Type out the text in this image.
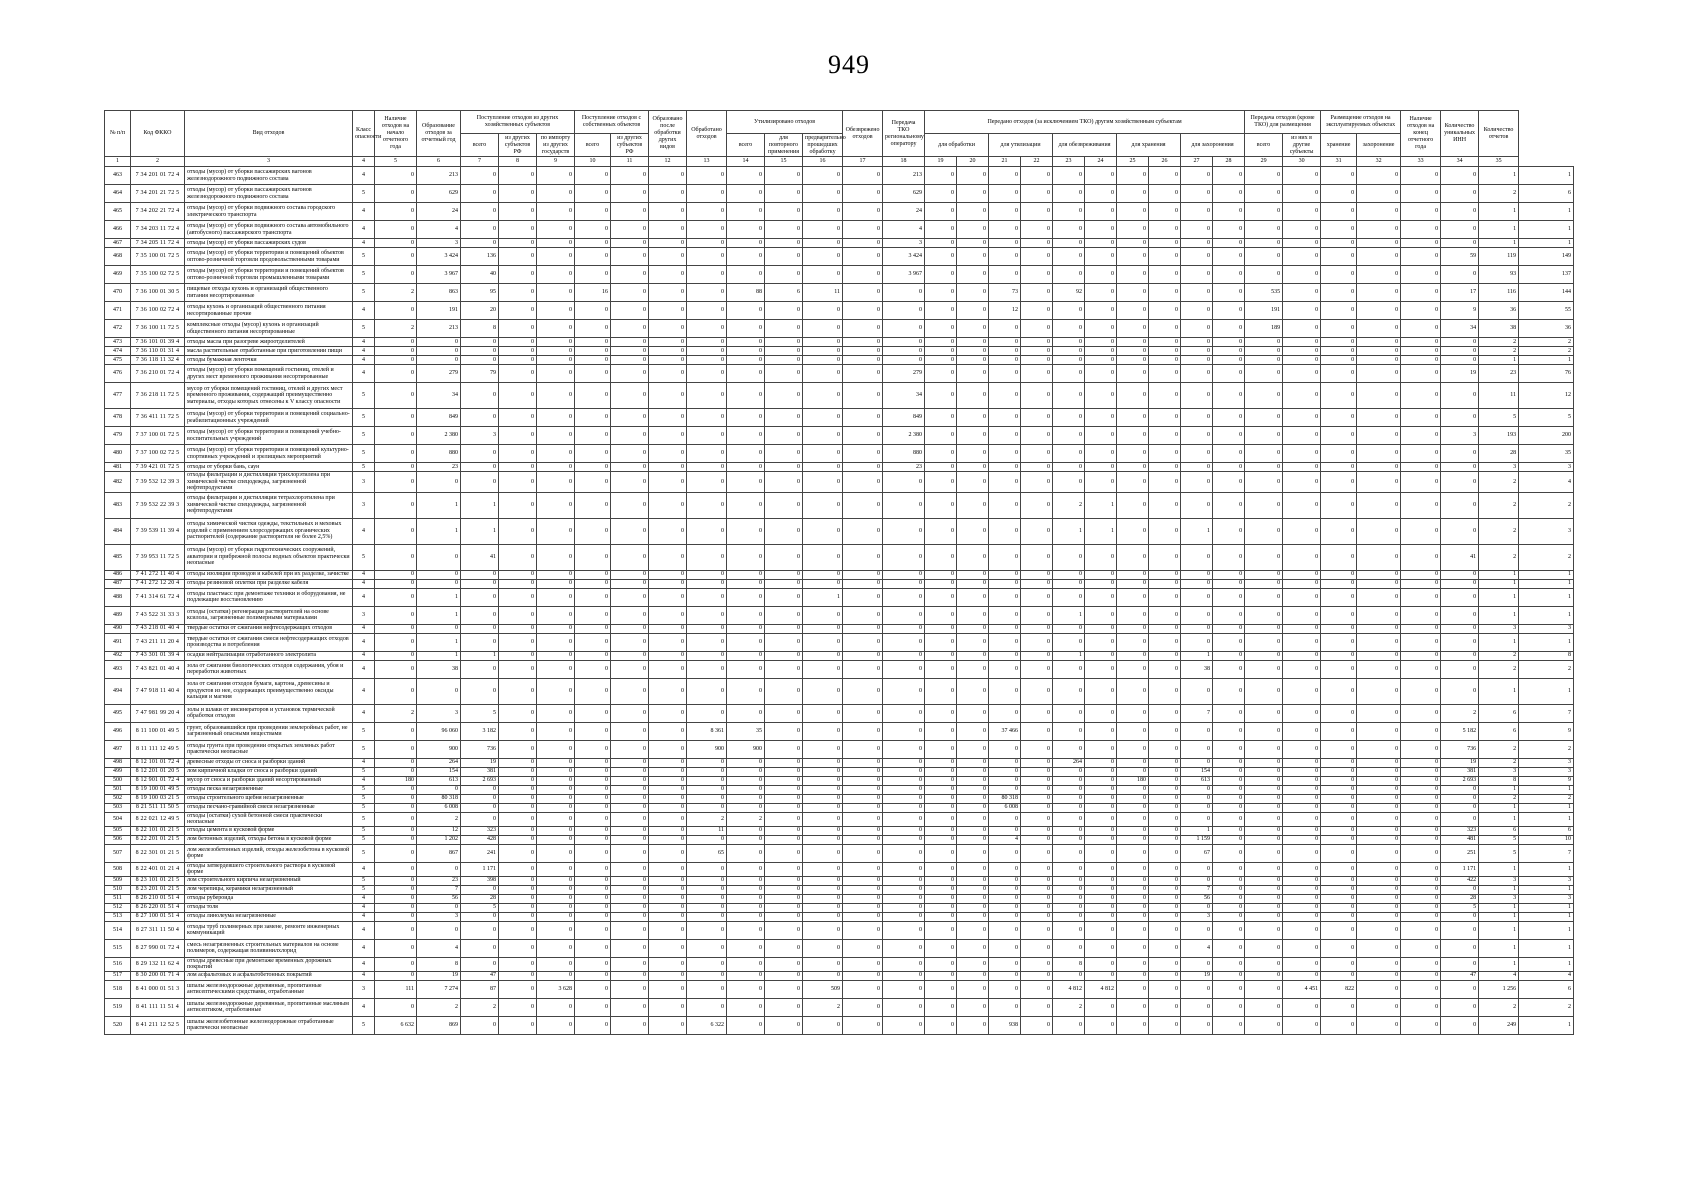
949
№ п/п	Код ФККО	Вид отходов	Класс опасности	Наличие отходов на начало отчетного года	Образование отходов за отчетный год	Поступление отходов из других хозяйственных субъектов			Поступление отходов с собственных объектов		Образовано после обработки других видов	Обработано отходов	Утилизировано отходов			Обезврежено отходов	Передача ТКО региональному оператору	Передано отходов (за исключением ТКО) другим хозяйственным субъектам										Передача отходов (кроме ТКО) для размещения		Размещение отходов на эксплуатируемых объектах		Наличие отходов на конец отчетного года	Количество уникальных ИНН	Количество отчетов	
						всего	из других субъектов РФ	по импорту из других государств	всего	из других субъектов РФ			всего	для повторного применения	предварительно прошедших обработку			для обработки		для утилизации		для обезвреживания		для хранения		для захоронения		всего	из них в другие субъекты	хранение	захоронение				
1	2	3	4	5	6	7	8	9	10	11	12	13	14	15	16	17	18	19	20	21	22	23	24	25	26	27	28	29	30	31	32	33	34	35	
463	7 34 201 01 72 4	отходы (мусор) от уборки пассажирских вагонов железнодорожного подвижного состава	4	0	213	0	0	0	0	0	0	0	0	0	0	0	213	0	0	0	0	0	0	0	0	0	0	0	0	0	0	0	0	1	1
464	7 34 201 21 72 5	отходы (мусор) от уборки пассажирских вагонов железнодорожного подвижного состава	5	0	629	0	0	0	0	0	0	0	0	0	0	0	629	0	0	0	0	0	0	0	0	0	0	0	0	0	0	0	0	2	6
465	7 34 202 21 72 4	отходы (мусор) от уборки подвижного состава городского электрического транспорта	4	0	24	0	0	0	0	0	0	0	0	0	0	0	24	0	0	0	0	0	0	0	0	0	0	0	0	0	0	0	0	1	1
466	7 34 203 11 72 4	отходы (мусор) от уборки подвижного состава автомобильного (автобусного) пассажирского транспорта	4	0	4	0	0	0	0	0	0	0	0	0	0	0	4	0	0	0	0	0	0	0	0	0	0	0	0	0	0	0	0	1	1
467	7 34 205 11 72 4	отходы (мусор) от уборки пассажирских судов	4	0	3	0	0	0	0	0	0	0	0	0	0	0	3	0	0	0	0	0	0	0	0	0	0	0	0	0	0	0	0	1	1
468	7 35 100 01 72 5	отходы (мусор) от уборки территории и помещений объектов оптово-розничной торговли продовольственными товарами	5	0	3 424	136	0	0	0	0	0	0	0	0	0	0	3 424	0	0	0	0	0	0	0	0	0	0	0	0	0	0	0	59	119	149
469	7 35 100 02 72 5	отходы (мусор) от уборки территории и помещений объектов оптово-розничной торговли промышленными товарами	5	0	3 967	40	0	0	0	0	0	0	0	0	0	0	3 967	0	0	0	0	0	0	0	0	0	0	0	0	0	0	0	0	93	137
470	7 36 100 01 30 5	пищевые отходы кухонь и организаций общественного питания несортированные	5	2	863	95	0	0	16	0	0	0	88	6	11	0	0	0	0	73	0	92	0	0	0	0	0	535	0	0	0	0	17	116	144
471	7 36 100 02 72 4	отходы кухонь и организаций общественного питания несортированные прочие	4	0	191	20	0	0	0	0	0	0	0	0	0	0	0	0	0	12	0	0	0	0	0	0	0	191	0	0	0	0	9	36	55
472	7 36 100 11 72 5	комплексные отходы (мусор) кухонь и организаций общественного питания несортированные	5	2	213	8	0	0	0	0	0	0	0	0	0	0	0	0	0	0	0	0	0	0	0	0	0	189	0	0	0	0	34	38	36
473	7 36 101 01 39 4	отходы масла при разогреве жироотделителей	4	0	0	0	0	0	0	0	0	0	0	0	0	0	0	0	0	0	0	0	0	0	0	0	0	0	0	0	0	0	0	2	2
474	7 36 110 01 31 4	масла растительные отработанные при приготовлении пищи	4	0	0	0	0	0	0	0	0	0	0	0	0	0	0	0	0	0	0	0	0	0	0	0	0	0	0	0	0	0	0	2	2
475	7 36 118 11 32 4	отходы бумажная ленточки	4	0	0	0	0	0	0	0	0	0	0	0	0	0	0	0	0	0	0	0	0	0	0	0	0	0	0	0	0	0	0	1	1
476	7 36 210 01 72 4	отходы (мусор) от уборки помещений гостиниц, отелей и других мест временного проживания несортированные	4	0	279	79	0	0	0	0	0	0	0	0	0	0	279	0	0	0	0	0	0	0	0	0	0	0	0	0	0	0	19	23	76
477	7 36 218 11 72 5	мусор от уборки помещений гостиниц, отелей и других мест временного проживания, содержащий преимущественно материалы, отходы которых отнесены к V классу опасности	5	0	34	0	0	0	0	0	0	0	0	0	0	0	34	0	0	0	0	0	0	0	0	0	0	0	0	0	0	0	0	11	12
478	7 36 411 11 72 5	отходы (мусор) от уборки территории и помещений социально-реабилитационных учреждений	5	0	849	0	0	0	0	0	0	0	0	0	0	0	849	0	0	0	0	0	0	0	0	0	0	0	0	0	0	0	0	5	5
479	7 37 100 01 72 5	отходы (мусор) от уборки территории и помещений учебно-воспитательных учреждений	5	0	2 380	3	0	0	0	0	0	0	0	0	0	0	2 380	0	0	0	0	0	0	0	0	0	0	0	0	0	0	0	3	193	200
480	7 37 100 02 72 5	отходы (мусор) от уборки территории и помещений культурно-спортивных учреждений и зрелищных мероприятий	5	0	880	0	0	0	0	0	0	0	0	0	0	0	880	0	0	0	0	0	0	0	0	0	0	0	0	0	0	0	0	28	35
481	7 39 421 01 72 5	отходы от уборки бань, саун	5	0	23	0	0	0	0	0	0	0	0	0	0	0	23	0	0	0	0	0	0	0	0	0	0	0	0	0	0	0	0	3	3
482	7 39 532 12 39 3	отходы фильтрации и дистилляции трихлорэтилена при химической чистке спецодежды, загрязненной нефтепродуктами	3	0	0	0	0	0	0	0	0	0	0	0	0	0	0	0	0	0	0	0	0	0	0	0	0	0	0	0	0	0	0	2	4
483	7 39 532 22 39 3	отходы фильтрации и дистилляции тетрахлорэтилена при химической чистке спецодежды, загрязненной нефтепродуктами	3	0	1	1	0	0	0	0	0	0	0	0	0	0	0	0	0	0	0	2	1	0	0	0	0	0	0	0	0	0	0	2	2
484	7 39 539 11 39 4	отходы химической чистки одежды, текстильных и меховых изделий с применением хлорсодержащих органических растворителей (содержание растворителя не более 2,5%)	4	0	1	1	0	0	0	0	0	0	0	0	0	0	0	0	0	0	0	1	1	0	0	1	0	0	0	0	0	0	0	2	3
485	7 39 953 11 72 5	отходы (мусор) от уборки гидротехнических сооружений, акватории и прибрежной полосы водных объектов практически неопасные	5	0	0	41	0	0	0	0	0	0	0	0	0	0	0	0	0	0	0	0	0	0	0	0	0	0	0	0	0	0	41	2	2
486	7 41 272 11 40 4	отходы изоляции проводов и кабелей при их разделке, зачистке	4	0	0	0	0	0	0	0	0	0	0	0	0	0	0	0	0	0	0	0	0	0	0	0	0	0	0	0	0	0	0	1	1
487	7 41 272 12 20 4	отходы резиновой оплетки при разделке кабеля	4	0	0	0	0	0	0	0	0	0	0	0	0	0	0	0	0	0	0	0	0	0	0	0	0	0	0	0	0	0	0	1	1
488	7 41 314 61 72 4	отходы пластмасс при демонтаже техники и оборудования, не подлежащие восстановлению	4	0	1	0	0	0	0	0	0	0	0	0	1	0	0	0	0	0	0	0	0	0	0	0	0	0	0	0	0	0	0	1	1
489	7 43 522 31 33 3	отходы (остатки) регенерации растворителей на основе ксилола, загрязненные полимерными материалами	3	0	1	0	0	0	0	0	0	0	0	0	0	0	0	0	0	0	0	1	0	0	0	0	0	0	0	0	0	0	0	1	1
490	7 43 218 01 40 4	твердые остатки от сжигания нефтесодержащих отходов	4	0	0	0	0	0	0	0	0	0	0	0	0	0	0	0	0	0	0	0	0	0	0	0	0	0	0	0	0	0	0	3	3
491	7 43 211 11 20 4	твердые остатки от сжигания смеси нефтесодержащих отходов производства и потребления	4	0	1	0	0	0	0	0	0	0	0	0	0	0	0	0	0	0	0	0	0	0	0	0	0	0	0	0	0	0	0	1	1
492	7 43 301 01 39 4	осадки нейтрализации отработанного электролита	4	0	1	1	0	0	0	0	0	0	0	0	0	0	0	0	0	0	0	1	0	0	0	1	0	0	0	0	0	0	0	2	8
493	7 43 821 01 40 4	зола от сжигания биологических отходов содержания, убоя и переработки животных	4	0	38	0	0	0	0	0	0	0	0	0	0	0	0	0	0	0	0	0	0	0	0	38	0	0	0	0	0	0	0	2	2
494	7 47 918 11 40 4	зола от сжигания отходов бумаги, картона, древесины и продуктов из нее, содержащих преимущественно оксиды кальция и магния	4	0	0	0	0	0	0	0	0	0	0	0	0	0	0	0	0	0	0	0	0	0	0	0	0	0	0	0	0	0	0	1	1
495	7 47 981 99 20 4	золы и шлаки от инсинераторов и установок термической обработки отходов	4	2	3	5	0	0	0	0	0	0	0	0	0	0	0	0	0	0	0	0	0	0	0	7	0	0	0	0	0	0	2	6	7
496	8 11 100 01 49 5	грунт, образовавшийся при проведении землеройных работ, не загрязненный опасными веществами	5	0	96 060	3 182	0	0	0	0	0	8 361	35	0	0	0	0	0	0	37 466	0	0	0	0	0	0	0	0	0	0	0	0	5 182	6	9
497	8 11 111 12 49 5	отходы грунта при проведении открытых земляных работ практически неопасные	5	0	900	736	0	0	0	0	0	900	900	0	0	0	0	0	0	0	0	0	0	0	0	0	0	0	0	0	0	0	736	2	2
498	8 12 101 01 72 4	древесные отходы от сноса и разборки зданий	4	0	264	19	0	0	0	0	0	0	0	0	0	0	0	0	0	0	0	264	0	0	0	0	0	0	0	0	0	0	19	2	3
499	8 12 201 01 20 5	лом кирпичной кладки от сноса и разборки зданий	5	0	154	381	0	0	0	0	0	0	0	0	0	0	0	0	0	0	0	0	0	0	0	154	0	0	0	0	0	0	381	3	3
500	8 12 901 01 72 4	мусор от сноса и разборки зданий несортированный	4	180	613	2 693	0	0	0	0	0	0	0	0	0	0	0	0	0	0	0	0	0	180	0	613	0	0	0	0	0	0	2 693	8	9
501	8 19 100 01 49 5	отходы песка незагрязненные	5	0	0	0	0	0	0	0	0	0	0	0	0	0	0	0	0	0	0	0	0	0	0	0	0	0	0	0	0	0	0	1	1
502	8 19 100 03 21 5	отходы строительного щебня незагрязненные	5	0	80 318	0	0	0	0	0	0	0	0	0	0	0	0	0	0	80 318	0	0	0	0	0	0	0	0	0	0	0	0	0	2	2
503	8 21 511 11 50 5	отходы песчано-гравийной смеси незагрязненные	5	0	6 008	0	0	0	0	0	0	0	0	0	0	0	0	0	0	6 008	0	0	0	0	0	0	0	0	0	0	0	0	0	1	1
504	8 22 021 12 49 5	отходы (остатки) сухой бетонной смеси практически неопасные	5	0	2	0	0	0	0	0	0	2	2	0	0	0	0	0	0	0	0	0	0	0	0	0	0	0	0	0	0	0	0	1	1
505	8 22 101 01 21 5	отходы цемента в кусковой форме	5	0	12	323	0	0	0	0	0	11	0	0	0	0	0	0	0	0	0	0	0	0	0	1	0	0	0	0	0	0	323	6	6
506	8 22 201 01 21 5	лом бетонных изделий, отходы бетона в кусковой форме	5	0	1 202	428	0	0	0	0	0	0	0	0	0	0	0	0	0	4	0	0	0	0	0	1 159	0	0	0	0	0	0	481	5	10
507	8 22 301 01 21 5	лом железобетонных изделий, отходы железобетона в кусковой форме	5	0	867	241	0	0	0	0	0	65	0	0	0	0	0	0	0	0	0	0	0	0	0	67	0	0	0	0	0	0	251	5	7
508	8 22 401 01 21 4	отходы затвердевшего строительного раствора в кусковой форме	4	0	0	1 171	0	0	0	0	0	0	0	0	0	0	0	0	0	0	0	0	0	0	0	0	0	0	0	0	0	0	1 171	1	1
509	8 23 101 01 21 5	лом строительного кирпича незагрязненный	5	0	23	398	0	0	0	0	0	0	0	0	0	0	0	0	0	0	0	0	0	0	0	0	0	0	0	0	0	0	422	3	3
510	8 23 201 01 21 5	лом черепицы, керамики незагрязненный	5	0	7	0	0	0	0	0	0	0	0	0	0	0	0	0	0	0	0	0	0	0	0	7	0	0	0	0	0	0	0	1	1
511	8 26 210 01 51 4	отходы рубероида	4	0	56	28	0	0	0	0	0	0	0	0	0	0	0	0	0	0	0	0	0	0	0	56	0	0	0	0	0	0	28	3	3
512	8 26 220 01 51 4	отходы толя	4	0	0	5	0	0	0	0	0	0	0	0	0	0	0	0	0	0	0	0	0	0	0	0	0	0	0	0	0	0	5	1	1
513	8 27 100 01 51 4	отходы линолеума незагрязненные	4	0	3	0	0	0	0	0	0	0	0	0	0	0	0	0	0	0	0	0	0	0	0	3	0	0	0	0	0	0	0	1	1
514	8 27 311 11 50 4	отходы труб полимерных при замене, ремонте инженерных коммуникаций	4	0	0	0	0	0	0	0	0	0	0	0	0	0	0	0	0	0	0	0	0	0	0	0	0	0	0	0	0	0	0	1	1
515	8 27 990 01 72 4	смесь незагрязненных строительных материалов на основе полимеров, содержащая поливинилхлорид	4	0	4	0	0	0	0	0	0	0	0	0	0	0	0	0	0	0	0	0	0	0	0	4	0	0	0	0	0	0	0	1	1
516	8 29 132 11 62 4	отходы древесные при демонтаже временных дорожных покрытий	4	0	8	0	0	0	0	0	0	0	0	0	0	0	0	0	0	0	0	8	0	0	0	0	0	0	0	0	0	0	0	1	1
517	8 30 200 01 71 4	лом асфальтовых и асфальтобетонных покрытий	4	0	19	47	0	0	0	0	0	0	0	0	0	0	0	0	0	0	0	0	0	0	0	19	0	0	0	0	0	0	47	4	4
518	8 41 000 01 51 3	шпалы железнодорожные деревянные, пропитанные антисептическими средствами, отработанные	3	111	7 274	87	0	3 628	0	0	0	0	0	0	509	0	0	0	0	0	0	4 812	4 812	0	0	0	0	0	4 451	822	0	0	0	1 256	6
519	8 41 111 11 51 4	шпалы железнодорожные деревянные, пропитанные масляным антисептиком, отработанные	4	0	2	2	0	0	0	0	0	0	0	0	2	0	0	0	0	0	0	2	0	0	0	0	0	0	0	0	0	0	0	2	2
520	8 41 211 12 52 5	шпалы железобетонные железнодорожные отработанные практически неопасные	5	6 632	869	0	0	0	0	0	0	6 322	0	0	0	0	0	0	0	938	0	0	0	0	0	0	0	0	0	0	0	0	0	249	1
